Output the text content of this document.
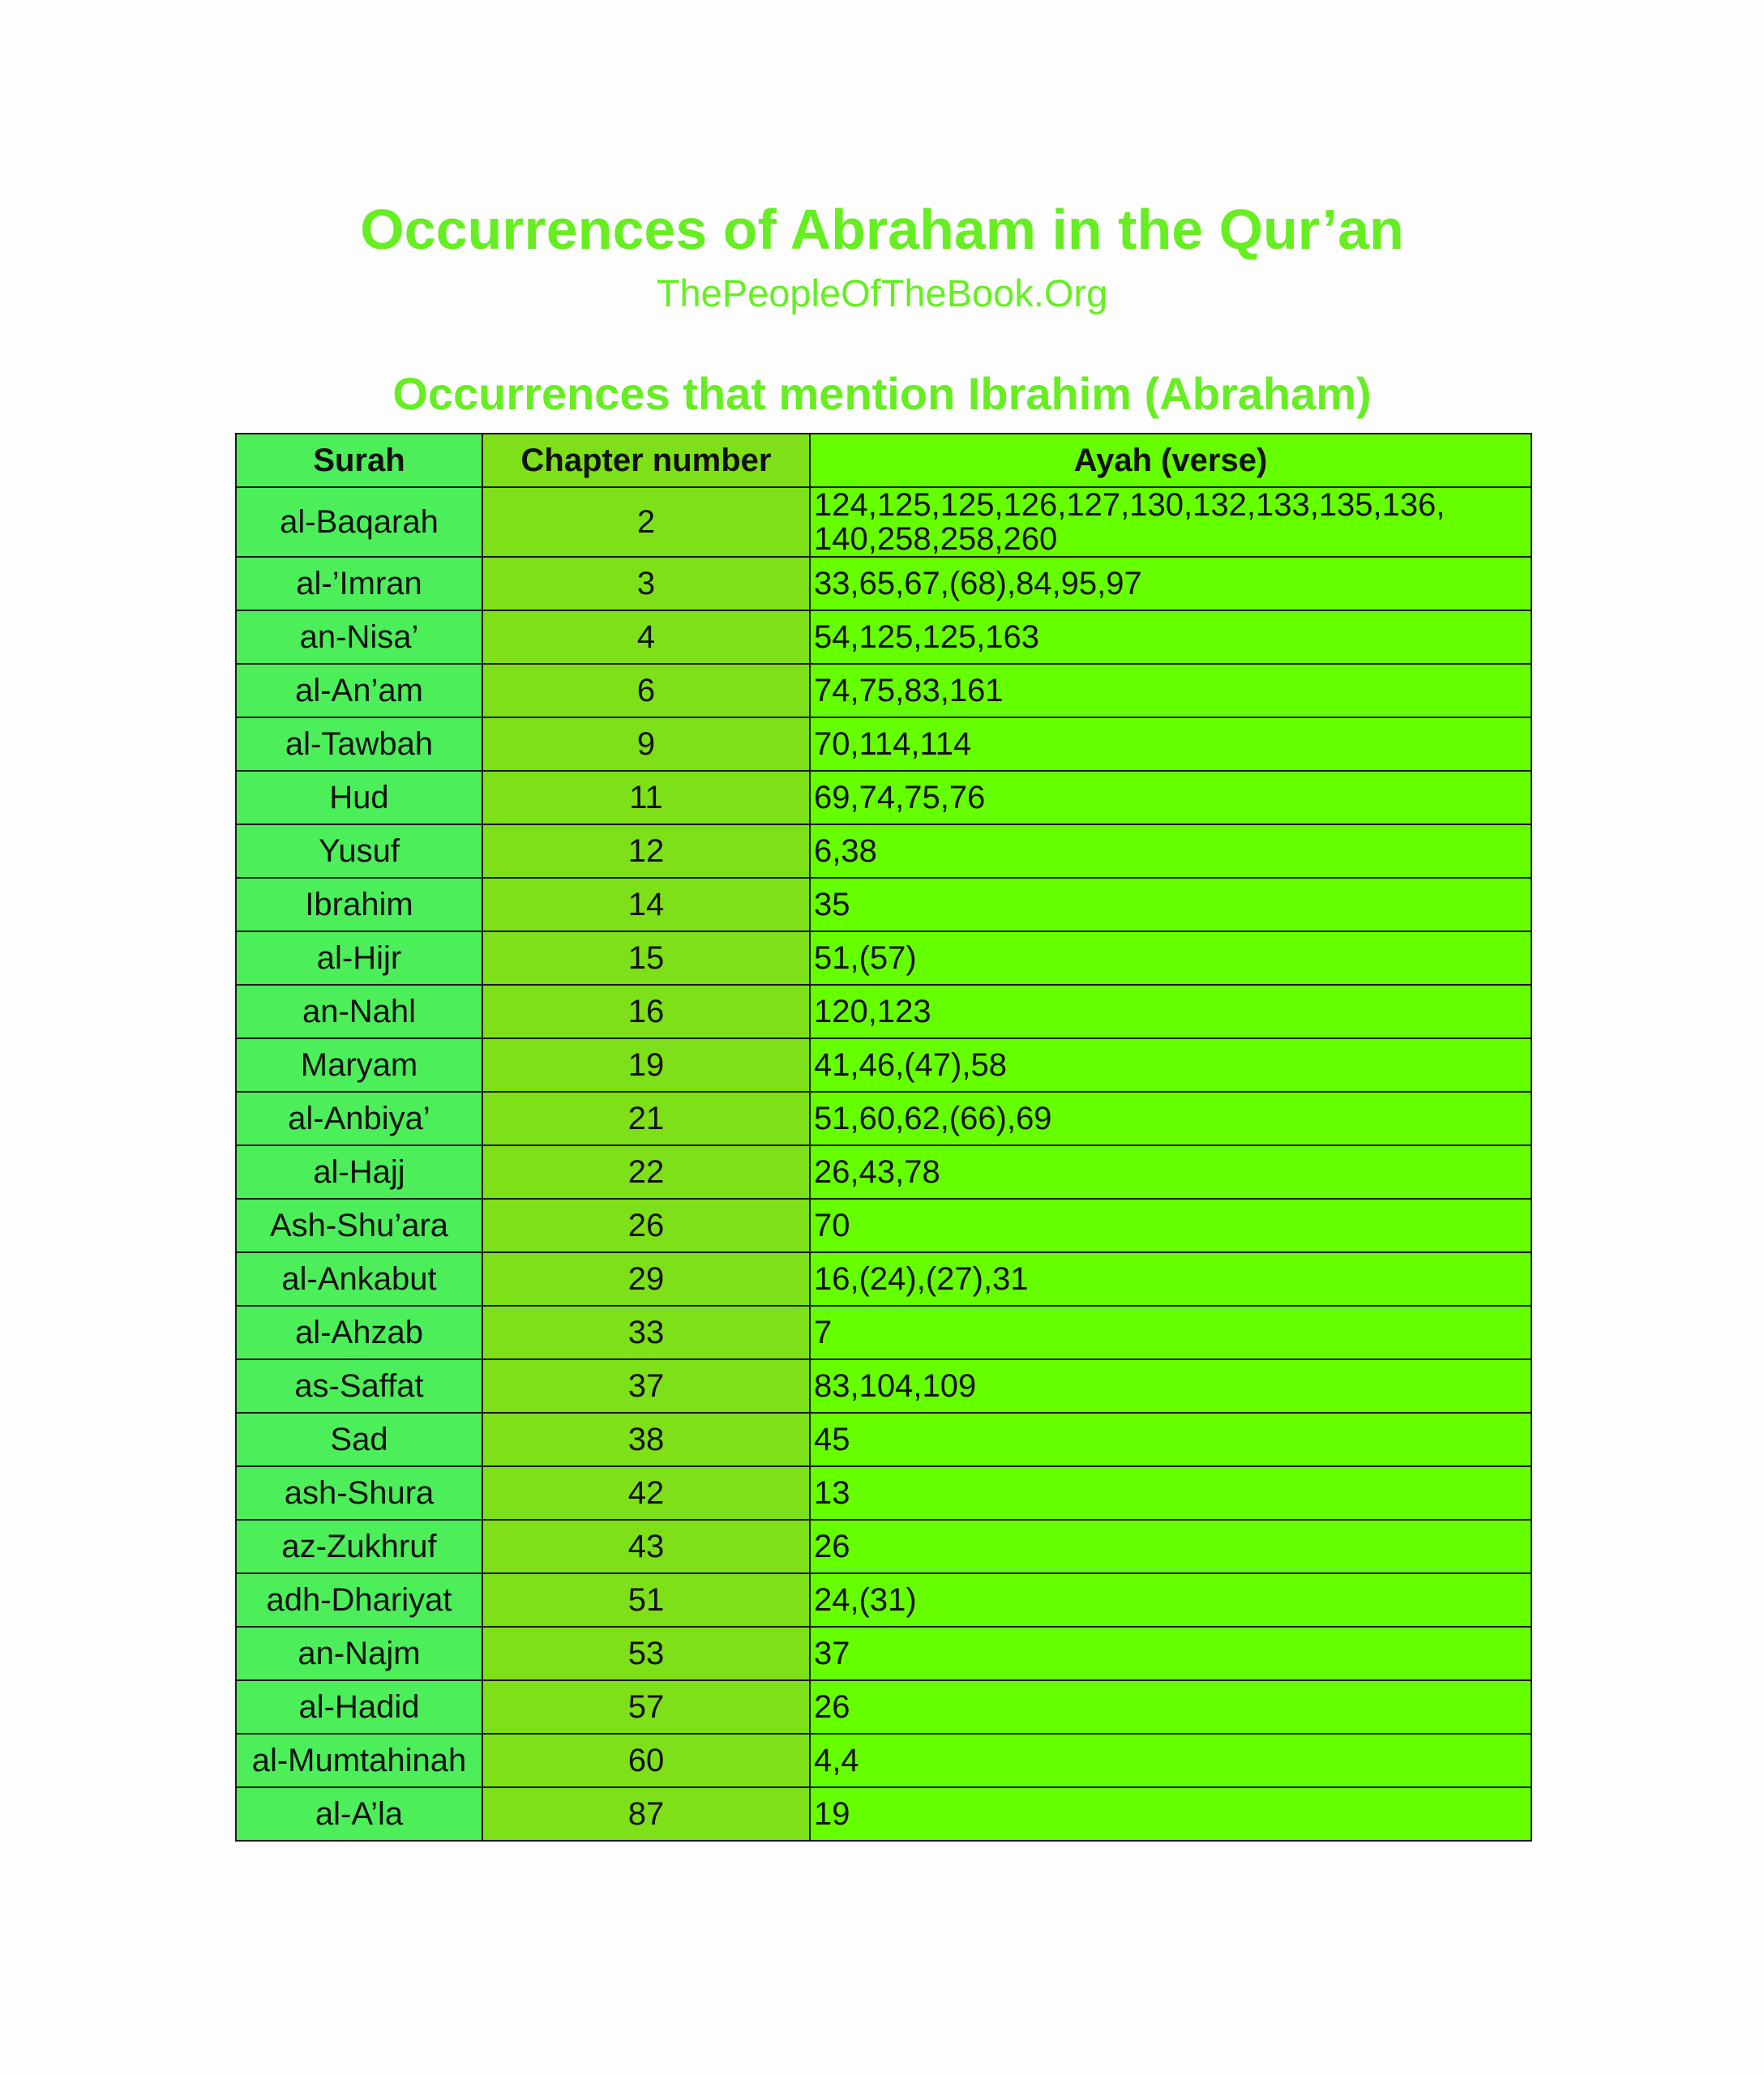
Occurrences of Abraham in the Qur’an
ThePeopleOfTheBook.Org
Occurrences that mention Ibrahim (Abraham)
Surah	Chapter number	Ayah (verse)
al-Baqarah	2	124,125,125,126,127,130,132,133,135,136, 140,258,258,260
al-’Imran	3	33,65,67,(68),84,95,97
an-Nisa’	4	54,125,125,163
al-An’am	6	74,75,83,161
al-Tawbah	9	70,114,114
Hud	11	69,74,75,76
Yusuf	12	6,38
Ibrahim	14	35
al-Hijr	15	51,(57)
an-Nahl	16	120,123
Maryam	19	41,46,(47),58
al-Anbiya’	21	51,60,62,(66),69
al-Hajj	22	26,43,78
Ash-Shu’ara	26	70
al-Ankabut	29	16,(24),(27),31
al-Ahzab	33	7
as-Saffat	37	83,104,109
Sad	38	45
ash-Shura	42	13
az-Zukhruf	43	26
adh-Dhariyat	51	24,(31)
an-Najm	53	37
al-Hadid	57	26
al-Mumtahinah	60	4,4
al-A’la	87	19
